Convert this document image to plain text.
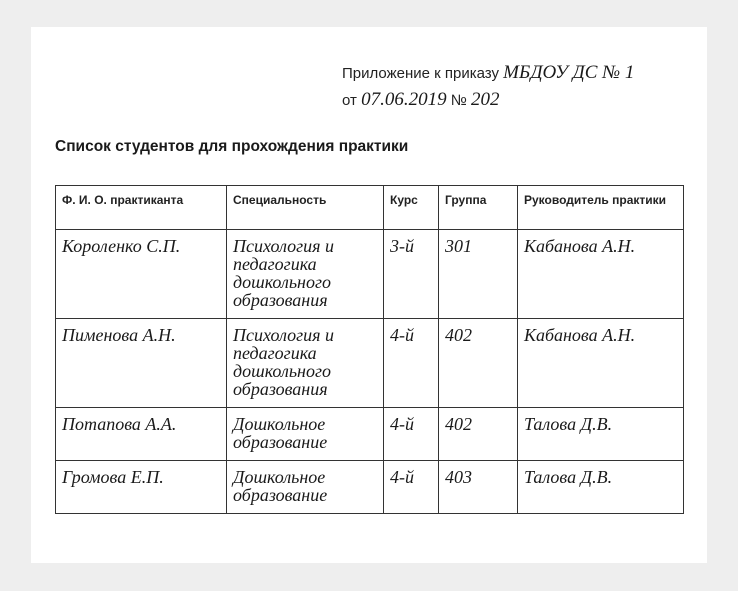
Приложение к приказу МБДОУ ДС № 1
от 07.06.2019 № 202
Список студентов для прохождения практики
Ф. И. О. практиканта	Специальность	Курс	Группа	Руководитель практики
Короленко С.П.	Психология и педагогика дошкольного образования	3-й	301	Кабанова А.Н.
Пименова А.Н.	Психология и педагогика дошкольного образования	4-й	402	Кабанова А.Н.
Потапова А.А.	Дошкольное образование	4-й	402	Талова Д.В.
Громова Е.П.	Дошкольное образование	4-й	403	Талова Д.В.
